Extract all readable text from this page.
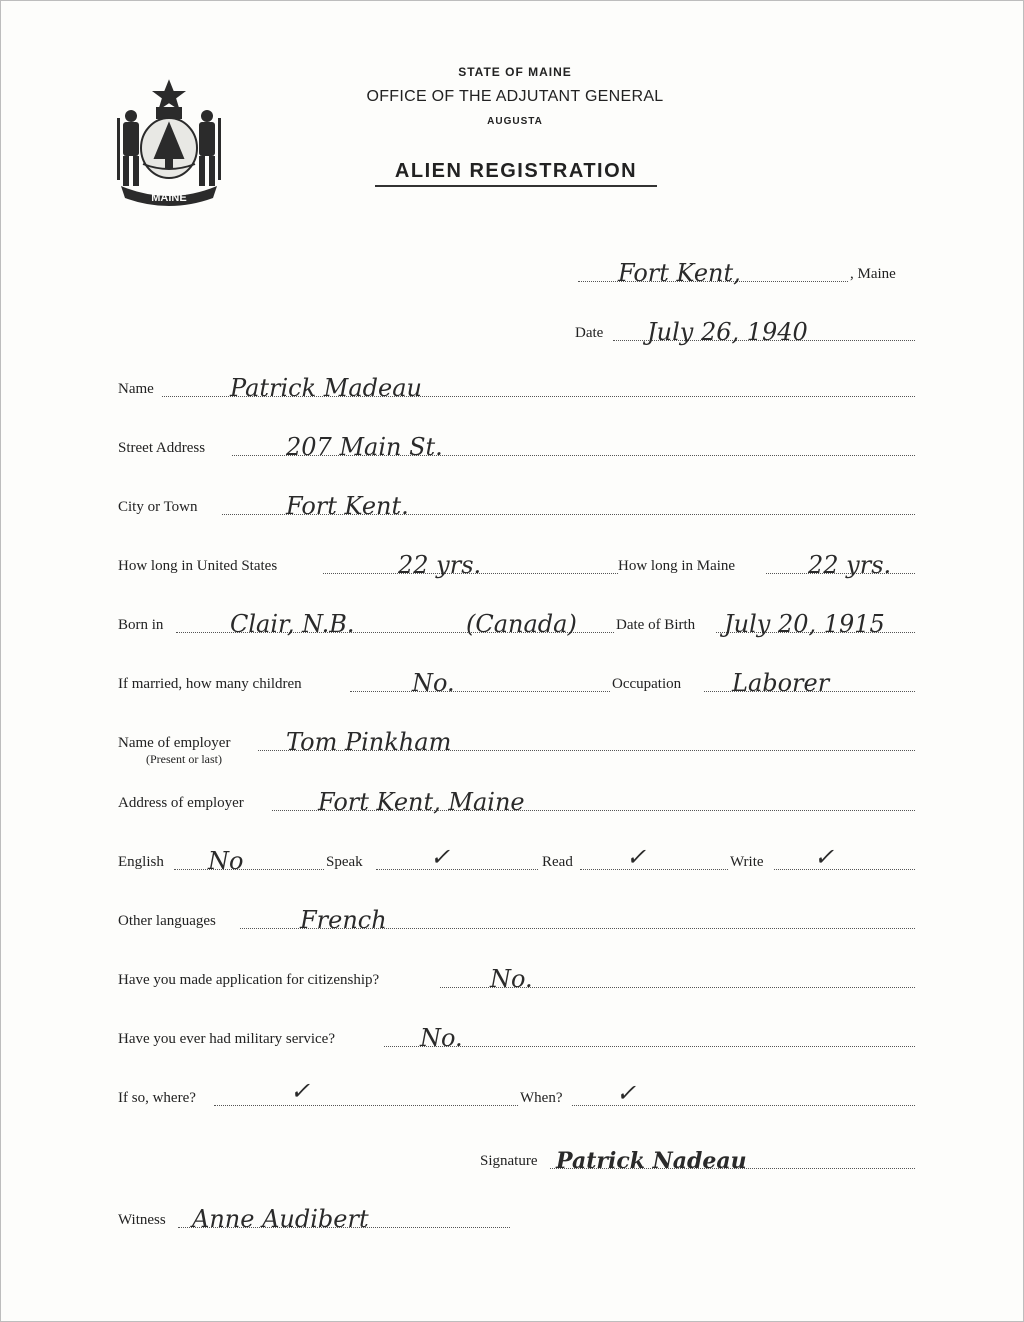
MAINE
STATE OF MAINE
OFFICE OF THE ADJUTANT GENERAL
AUGUSTA
ALIEN REGISTRATION
Fort Kent,	, Maine
Date July 26, 1940
Name	Patrick Madeau
Street Address	207 Main St.
City or Town	Fort Kent.
How long in United States	22 yrs.	How long in Maine	22 yrs.
Born in	Clair, N.B.	(Canada)	Date of Birth July 20, 1915
If married, how many children	No.	Occupation Laborer
Name of employer Tom Pinkham
(Present or last)
Address of employer	Fort Kent, Maine
English No	Speak	✓	Read ✓	Write ✓
Other languages	French
Have you made application for citizenship?	No.
Have you ever had military service?	No.
If so, where?	✓	When? ✓
Signature Patrick Nadeau
Witness Anne Audibert
